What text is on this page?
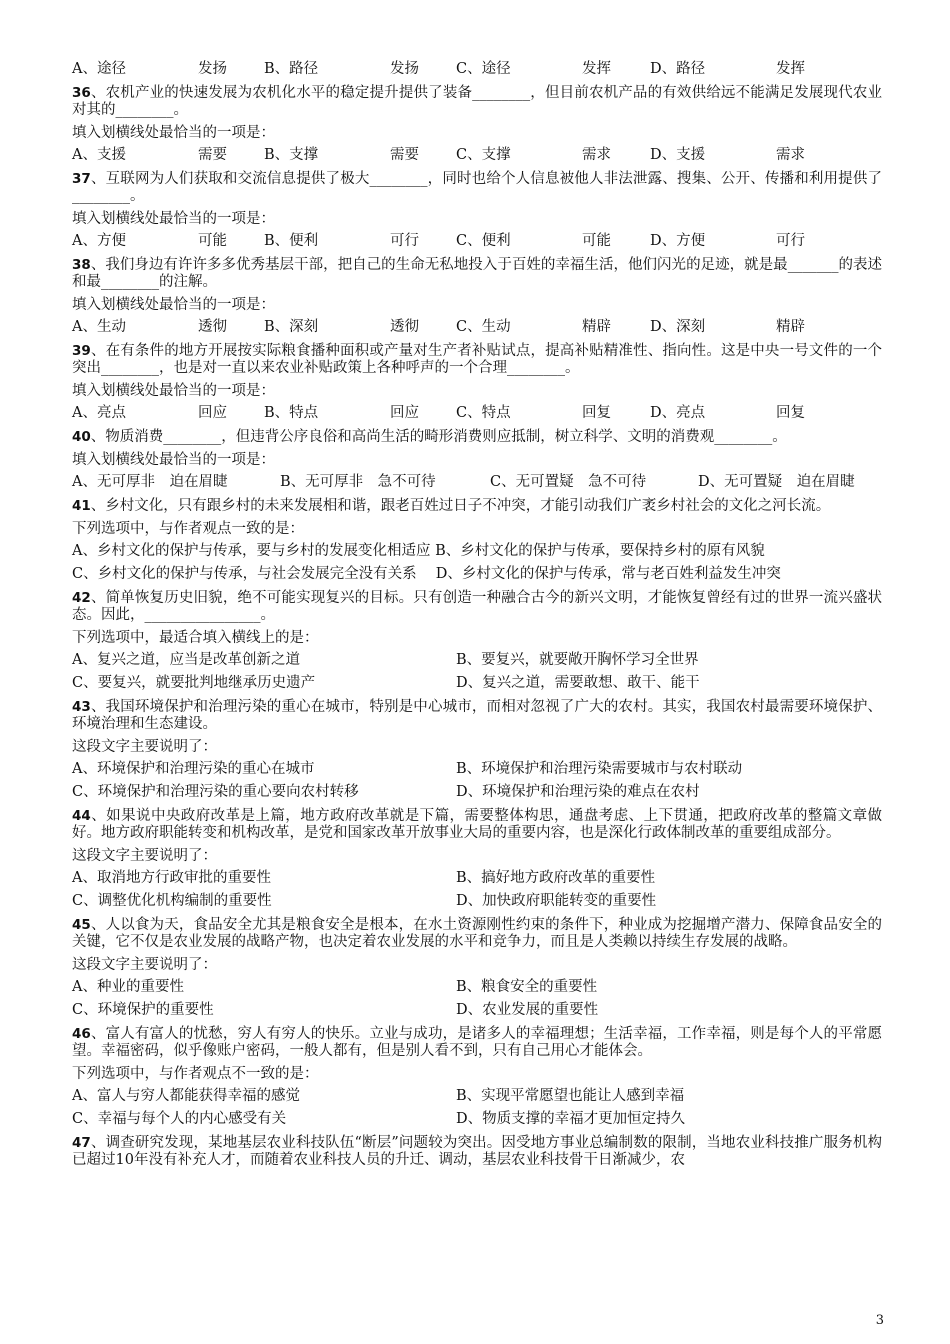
A、途径	发扬	B、路径	发扬	C、途径	发挥	D、路径	发挥

36、农机产业的快速发展为农机化水平的稳定提升提供了装备________，但目前农机产品的有效供给远不能满足发展现代农业对其的________。

填入划横线处最恰当的一项是：
A、支援	需要	B、支撑	需要	C、支撑	需求	D、支援	需求

37、互联网为人们获取和交流信息提供了极大________，同时也给个人信息被他人非法泄露、搜集、公开、传播和利用提供了________。

填入划横线处最恰当的一项是：
A、方便	可能	B、便利	可行	C、便利	可能	D、方便	可行

38、我们身边有许许多多优秀基层干部，把自己的生命无私地投入于百姓的幸福生活，他们闪光的足迹，就是最_______的表述和最________的注解。

填入划横线处最恰当的一项是：
A、生动	透彻	B、深刻	透彻	C、生动	精辟	D、深刻	精辟

39、在有条件的地方开展按实际粮食播种面积或产量对生产者补贴试点，提高补贴精准性、指向性。这是中央一号文件的一个突出________，也是对一直以来农业补贴政策上各种呼声的一个合理________。

填入划横线处最恰当的一项是：
A、亮点	回应	B、特点	回应	C、特点	回复	D、亮点	回复

40、物质消费________，但违背公序良俗和高尚生活的畸形消费则应抵制，树立科学、文明的消费观________。

填入划横线处最恰当的一项是：
A、无可厚非　迫在眉睫	B、无可厚非　急不可待	C、无可置疑　急不可待	D、无可置疑　迫在眉睫

41、乡村文化，只有跟乡村的未来发展相和谐，跟老百姓过日子不冲突，才能引动我们广袤乡村社会的文化之河长流。

下列选项中，与作者观点一致的是：
A、乡村文化的保护与传承，要与乡村的发展变化相适应 B、乡村文化的保护与传承，要保持乡村的原有风貌
C、乡村文化的保护与传承，与社会发展完全没有关系　 D、乡村文化的保护与传承，常与老百姓利益发生冲突

42、简单恢复历史旧貌，绝不可能实现复兴的目标。只有创造一种融合古今的新兴文明，才能恢复曾经有过的世界一流兴盛状态。因此，________________。

下列选项中，最适合填入横线上的是：
A、复兴之道，应当是改革创新之道	B、要复兴，就要敞开胸怀学习全世界
C、要复兴，就要批判地继承历史遗产	D、复兴之道，需要敢想、敢干、能干

43、我国环境保护和治理污染的重心在城市，特别是中心城市，而相对忽视了广大的农村。其实，我国农村最需要环境保护、环境治理和生态建设。

这段文字主要说明了：
A、环境保护和治理污染的重心在城市	B、环境保护和治理污染需要城市与农村联动
C、环境保护和治理污染的重心要向农村转移	D、环境保护和治理污染的难点在农村

44、如果说中央政府改革是上篇，地方政府改革就是下篇，需要整体构思，通盘考虑、上下贯通，把政府改革的整篇文章做好。地方政府职能转变和机构改革，是党和国家改革开放事业大局的重要内容，也是深化行政体制改革的重要组成部分。

这段文字主要说明了：
A、取消地方行政审批的重要性	B、搞好地方政府改革的重要性
C、调整优化机构编制的重要性	D、加快政府职能转变的重要性

45、人以食为天，食品安全尤其是粮食安全是根本，在水土资源刚性约束的条件下，种业成为挖掘增产潜力、保障食品安全的关键，它不仅是农业发展的战略产物，也决定着农业发展的水平和竞争力，而且是人类赖以持续生存发展的战略。

这段文字主要说明了：
A、种业的重要性	B、粮食安全的重要性
C、环境保护的重要性	D、农业发展的重要性

46、富人有富人的忧愁，穷人有穷人的快乐。立业与成功，是诸多人的幸福理想；生活幸福，工作幸福，则是每个人的平常愿望。幸福密码，似乎像账户密码，一般人都有，但是别人看不到，只有自己用心才能体会。

下列选项中，与作者观点不一致的是：
A、富人与穷人都能获得幸福的感觉	B、实现平常愿望也能让人感到幸福
C、幸福与每个人的内心感受有关	D、物质支撑的幸福才更加恒定持久

47、调查研究发现，某地基层农业科技队伍“断层”问题较为突出。因受地方事业总编制数的限制，当地农业科技推广服务机构已超过10年没有补充人才，而随着农业科技人员的升迁、调动，基层农业科技骨干日渐减少，农

3
